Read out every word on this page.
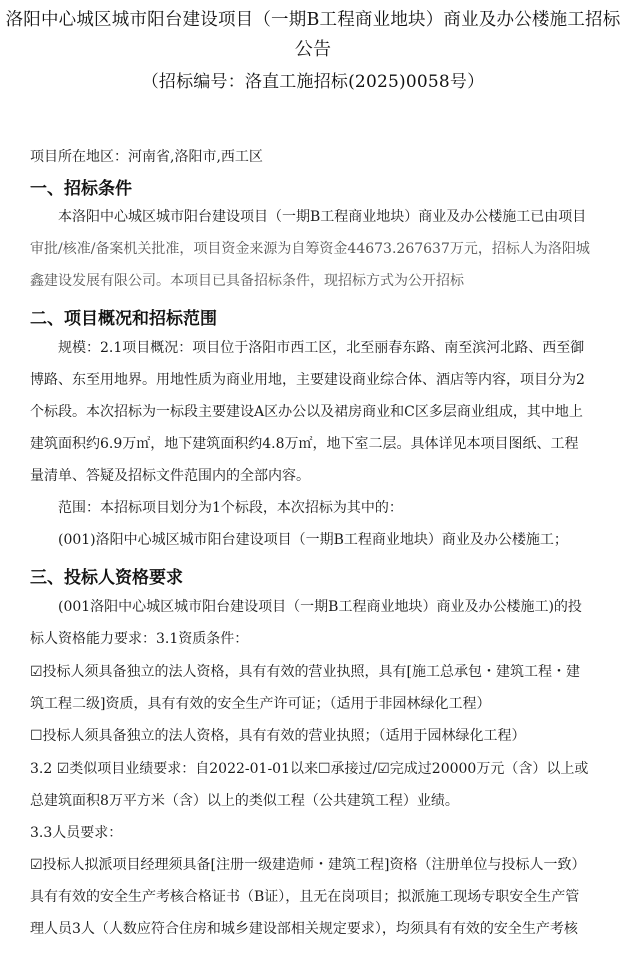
洛阳中心城区城市阳台建设项目（一期B工程商业地块）商业及办公楼施工招标
公告
（招标编号：洛直工施招标(2025)0058号）
项目所在地区：河南省,洛阳市,西工区
一、招标条件
本洛阳中心城区城市阳台建设项目（一期B工程商业地块）商业及办公楼施工已由项目
审批/核准/备案机关批准，项目资金来源为自筹资金44673.267637万元，招标人为洛阳城
鑫建设发展有限公司。本项目已具备招标条件，现招标方式为公开招标
二、项目概况和招标范围
规模：2.1项目概况：项目位于洛阳市西工区，北至丽春东路、南至滨河北路、西至御
博路、东至用地界。用地性质为商业用地，主要建设商业综合体、酒店等内容，项目分为2
个标段。本次招标为一标段主要建设A区办公以及裙房商业和C区多层商业组成，其中地上
建筑面积约6.9万㎡，地下建筑面积约4.8万㎡，地下室二层。具体详见本项目图纸、工程
量清单、答疑及招标文件范围内的全部内容。
范围：本招标项目划分为1个标段，本次招标为其中的：
(001)洛阳中心城区城市阳台建设项目（一期B工程商业地块）商业及办公楼施工；
三、投标人资格要求
(001洛阳中心城区城市阳台建设项目（一期B工程商业地块）商业及办公楼施工)的投
标人资格能力要求：3.1资质条件：
☑投标人须具备独立的法人资格，具有有效的营业执照，具有[施工总承包・建筑工程・建
筑工程二级]资质，具有有效的安全生产许可证；（适用于非园林绿化工程）
☐投标人须具备独立的法人资格，具有有效的营业执照；（适用于园林绿化工程）
3.2 ☑类似项目业绩要求：自2022-01-01以来☐承接过/☑完成过20000万元（含）以上或
总建筑面积8万平方米（含）以上的类似工程（公共建筑工程）业绩。
3.3人员要求：
☑投标人拟派项目经理须具备[注册一级建造师・建筑工程]资格（注册单位与投标人一致）
具有有效的安全生产考核合格证书（B证），且无在岗项目；拟派施工现场专职安全生产管
理人员3人（人数应符合住房和城乡建设部相关规定要求），均须具有有效的安全生产考核
